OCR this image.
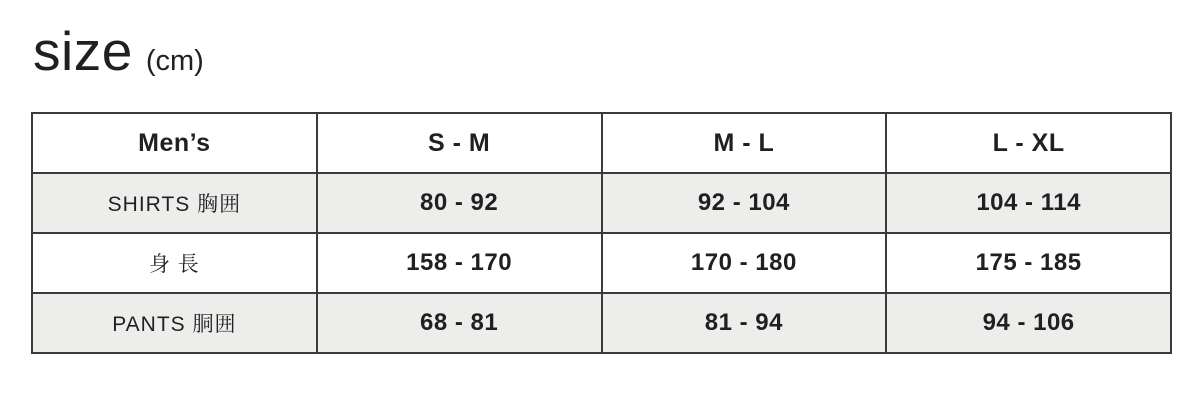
size (cm)
Men’s	S - M	M - L	L - XL
SHIRTS 胸囲	80 - 92	92 - 104	104 - 114
身 長	158 - 170	170 - 180	175 - 185
PANTS 胴囲	68 - 81	81 - 94	94 - 106
